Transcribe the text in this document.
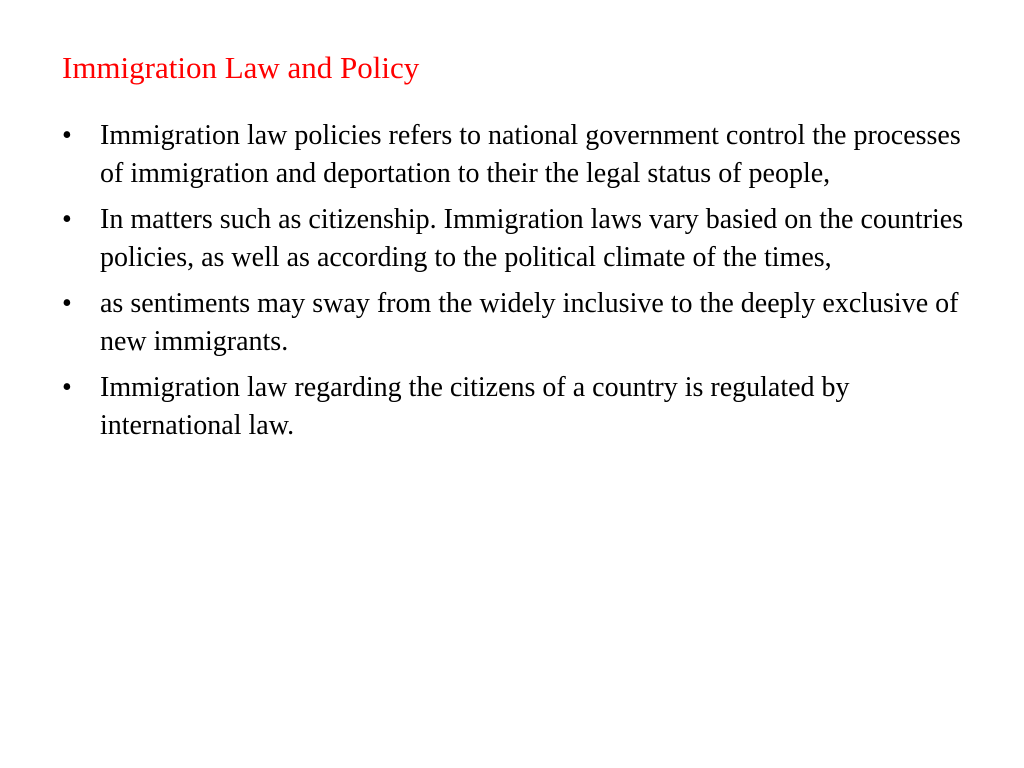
Immigration Law and Policy
•	Immigration law policies refers to national government control the processes of immigration and deportation to their the legal status of people,
•	In matters such as citizenship. Immigration laws vary basied on the countries policies, as well as according to the political climate of the times,
•	as sentiments may sway from the widely inclusive to the deeply exclusive of new immigrants.
•	Immigration law regarding the citizens of a country is regulated by international law.
